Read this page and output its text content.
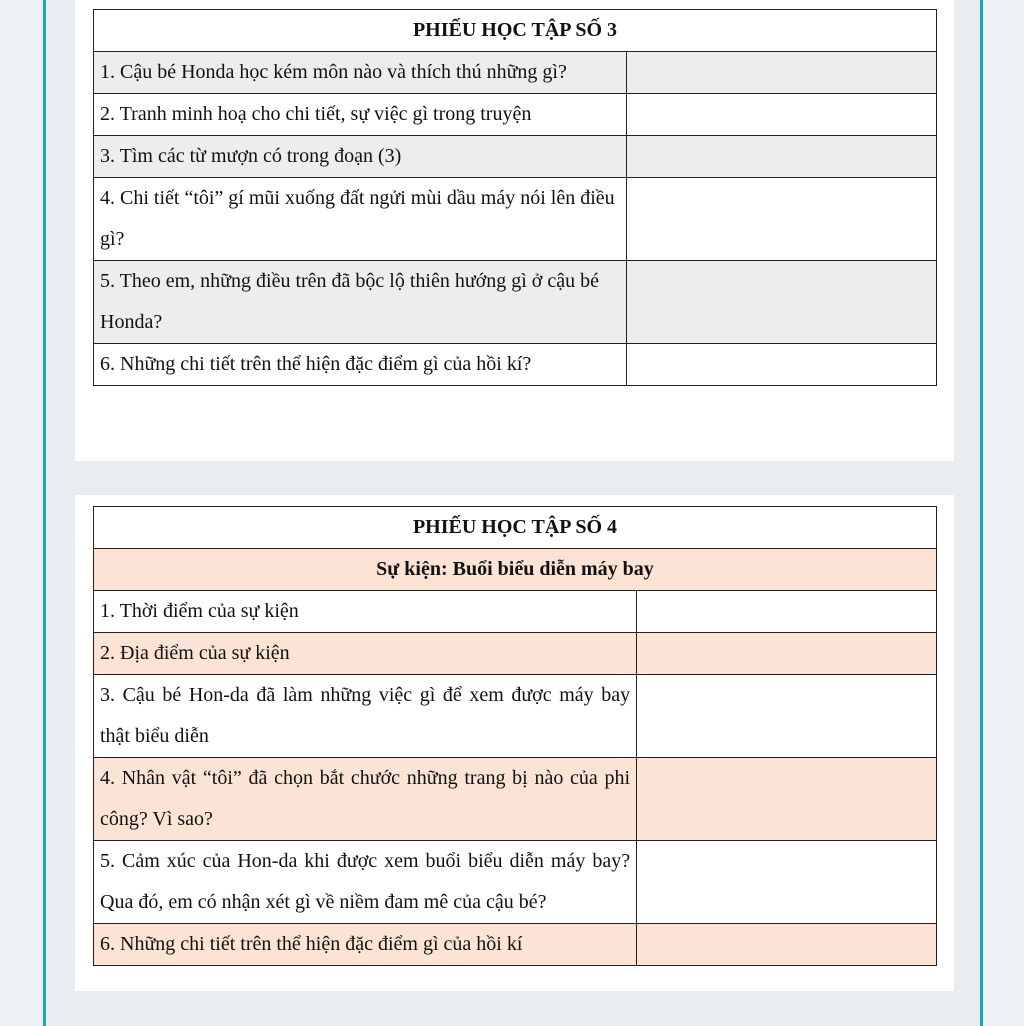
PHIẾU HỌC TẬP SỐ 3	
1. Cậu bé Honda học kém môn nào và thích thú những gì?	
2. Tranh minh hoạ cho chi tiết, sự việc gì trong truyện	
3. Tìm các từ mượn có trong đoạn (3)	
4. Chi tiết “tôi” gí mũi xuống đất ngửi mùi dầu máy nói lên điều gì?	
5. Theo em, những điều trên đã bộc lộ thiên hướng gì ở cậu bé Honda?	
6. Những chi tiết trên thể hiện đặc điểm gì của hồi kí?	
PHIẾU HỌC TẬP SỐ 4	
Sự kiện: Buổi biểu diễn máy bay	
1. Thời điểm của sự kiện	
2. Địa điểm của sự kiện	
3. Cậu bé Hon-da đã làm những việc gì để xem được máy bay thật biểu diễn	
4. Nhân vật “tôi” đã chọn bắt chước những trang bị nào của phi công? Vì sao?	
5. Cảm xúc của Hon-da khi được xem buổi biểu diễn máy bay? Qua đó, em có nhận xét gì về niềm đam mê của cậu bé?	
6. Những chi tiết trên thể hiện đặc điểm gì của hồi kí	
